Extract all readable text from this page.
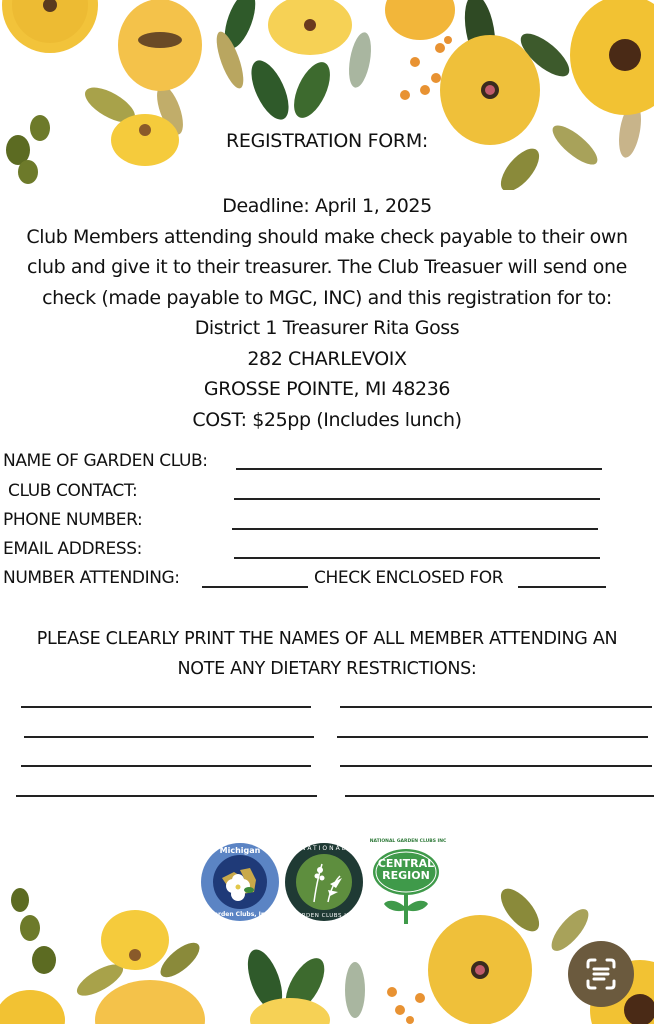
REGISTRATION FORM:
Deadline: April 1, 2025
Club Members attending should make check payable to their own
club and give it to their treasurer. The Club Treasuer will send one
check (made payable to MGC, INC) and this registration for to:
District 1 Treasurer Rita Goss
282 CHARLEVOIX
GROSSE POINTE, MI 48236
COST: $25pp (Includes lunch)
NAME OF GARDEN CLUB:
CLUB CONTACT:
PHONE NUMBER:
EMAIL ADDRESS:
NUMBER ATTENDING:	CHECK ENCLOSED FOR
PLEASE CLEARLY PRINT THE NAMES OF ALL MEMBER ATTENDING AN
NOTE ANY DIETARY RESTRICTIONS:
Michigan
Garden Clubs, Inc.
NATIONAL
GARDEN CLUBS INC
NATIONAL GARDEN CLUBS INC
CENTRAL
REGION
